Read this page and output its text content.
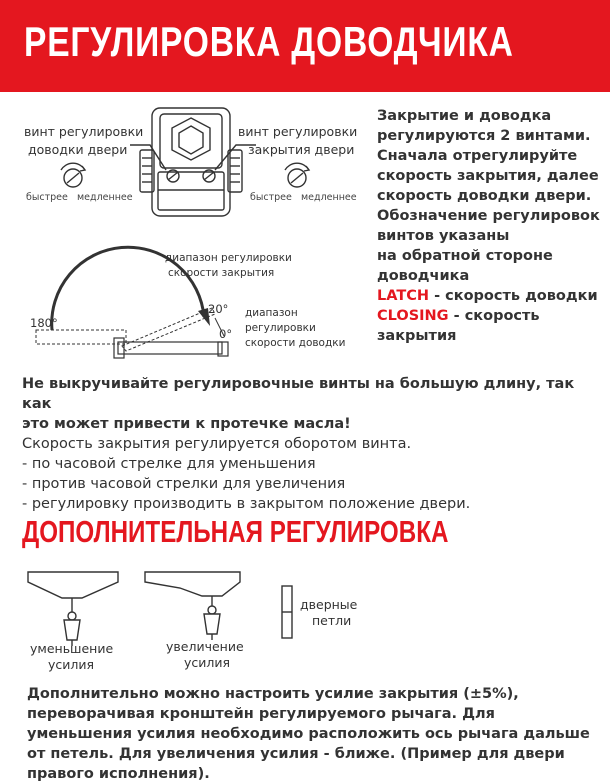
РЕГУЛИРОВКА ДОВОДЧИКА
винт регулировки
доводки двери
винт регулировки
закрытия двери
быстрее медленнее	быстрее медленнее
диапазон регулировки
скорости закрытия
180°
20°
0°
диапазон
регулировки
скорости доводки
Закрытие и доводка
регулируются 2 винтами.
Сначала отрегулируйте
скорость закрытия, далее
скорость доводки двери.
Обозначение регулировок
винтов указаны
на обратной стороне
доводчика
LATCH - скорость доводки
CLOSING - скорость
закрытия
Не выкручивайте регулировочные винты на большую длину, так как
это может привести к протечке масла!
Скорость закрытия регулируется оборотом винта.
- по часовой стрелке для уменьшения
- против часовой стрелки для увеличения
- регулировку производить в закрытом положение двери.
ДОПОЛНИТЕЛЬНАЯ РЕГУЛИРОВКА
уменьшение
усилия
увеличение
усилия
дверные
петли
Дополнительно можно настроить усилие закрытия (±5%),
переворачивая кронштейн регулируемого рычага. Для
уменьшения усилия необходимо расположить ось рычага дальше
от петель. Для увеличения усилия - ближе. (Пример для двери
правого исполнения).
